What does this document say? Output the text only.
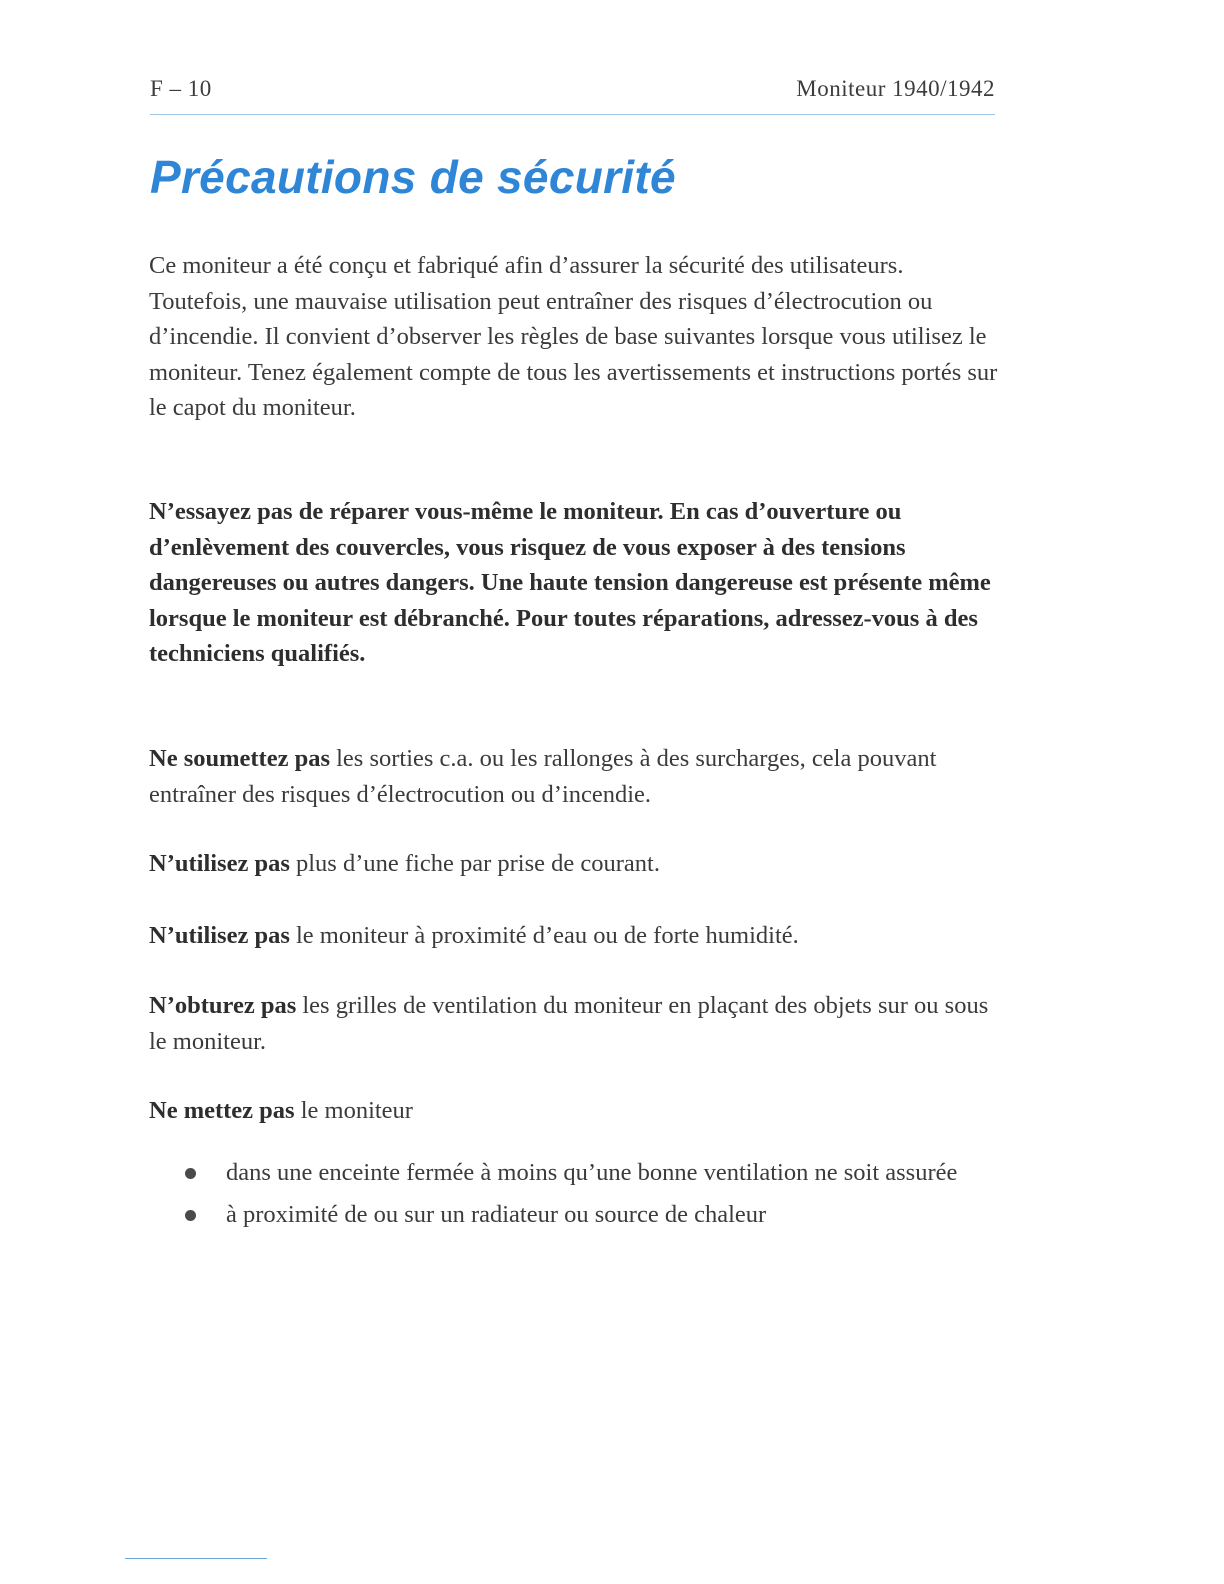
F – 10	Moniteur 1940/1942
Précautions de sécurité

Ce moniteur a été conçu et fabriqué afin d’assurer la sécurité des utilisateurs. Toutefois, une mauvaise utilisation peut entraîner des risques d’électrocution ou d’incendie. Il convient d’observer les règles de base suivantes lorsque vous utilisez le moniteur. Tenez également compte de tous les avertissements et instructions portés sur le capot du moniteur.

N’essayez pas de réparer vous-même le moniteur. En cas d’ouverture ou d’enlèvement des couvercles, vous risquez de vous exposer à des tensions dangereuses ou autres dangers. Une haute tension dangereuse est présente même lorsque le moniteur est débranché. Pour toutes réparations, adressez-vous à des techniciens qualifiés.

Ne soumettez pas les sorties c.a. ou les rallonges à des surcharges, cela pouvant entraîner des risques d’électrocution ou d’incendie.

N’utilisez pas plus d’une fiche par prise de courant.

N’utilisez pas le moniteur à proximité d’eau ou de forte humidité.

N’obturez pas les grilles de ventilation du moniteur en plaçant des objets sur ou sous le moniteur.

Ne mettez pas le moniteur

dans une enceinte fermée à moins qu’une bonne ventilation ne soit assurée
à proximité de ou sur un radiateur ou source de chaleur
